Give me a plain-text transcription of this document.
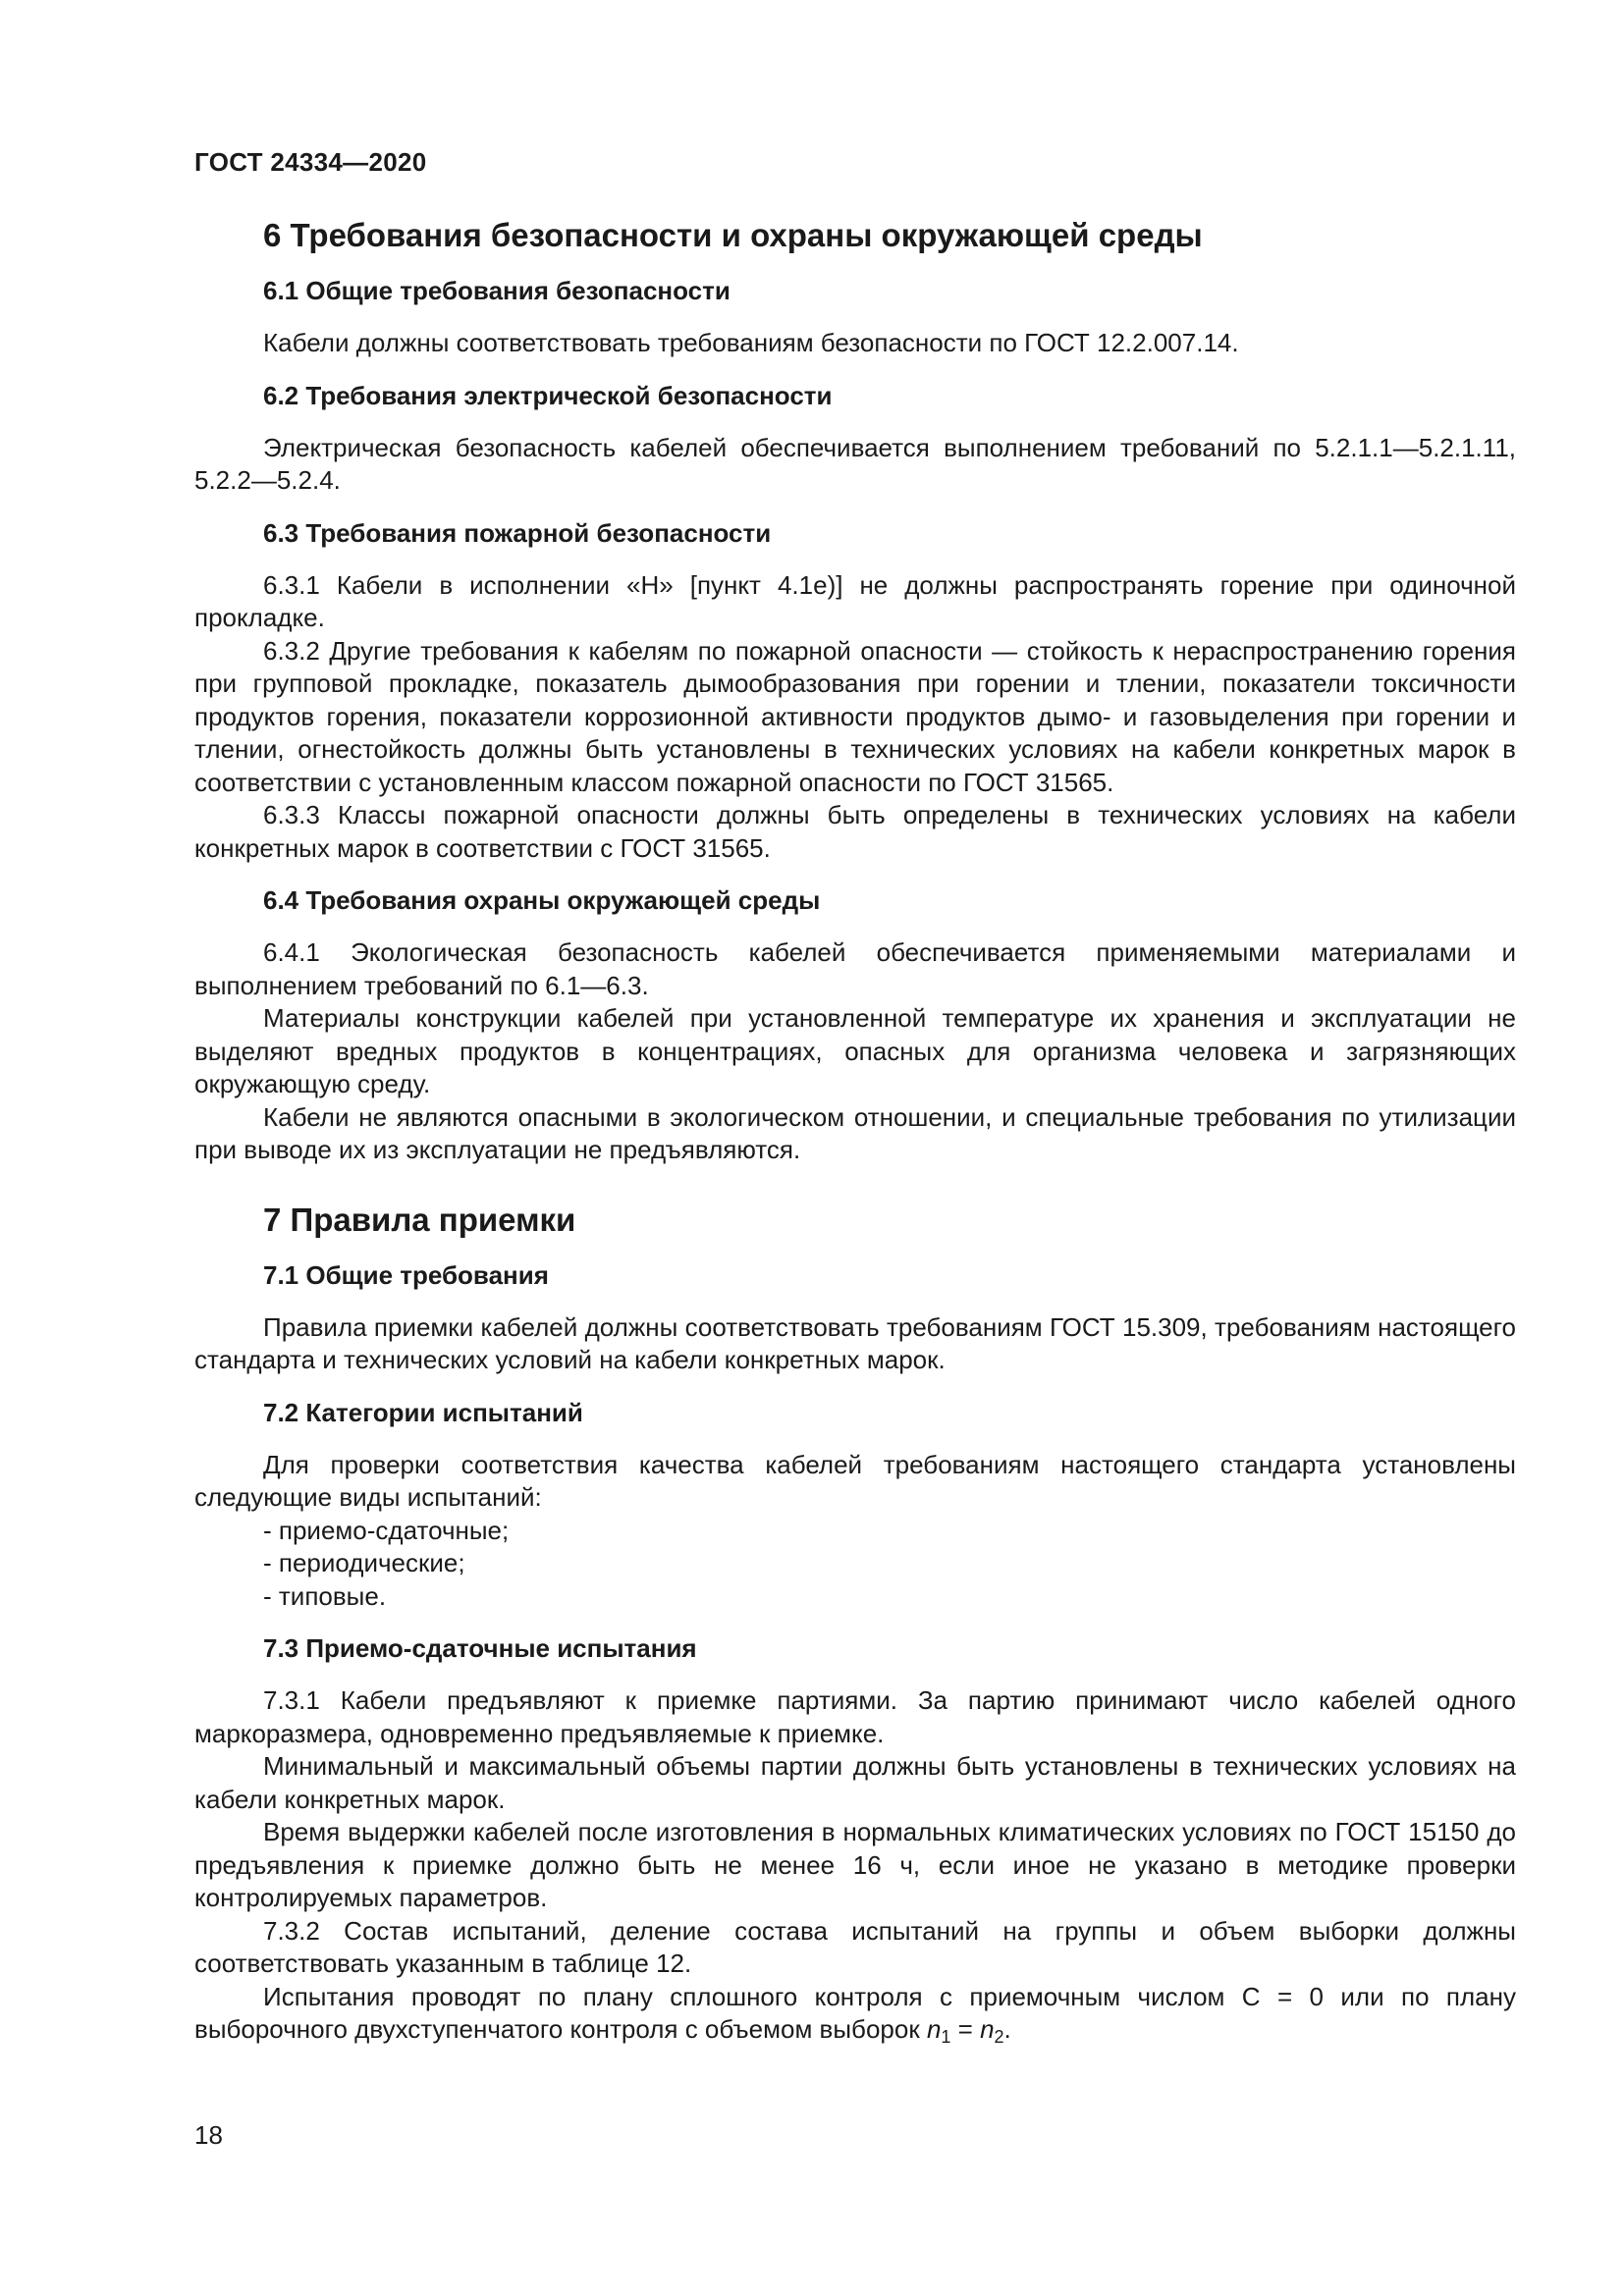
ГОСТ 24334—2020
6 Требования безопасности и охраны окружающей среды
6.1 Общие требования безопасности

Кабели должны соответствовать требованиям безопасности по ГОСТ 12.2.007.14.

6.2 Требования электрической безопасности

Электрическая безопасность кабелей обеспечивается выполнением требований по 5.2.1.1—5.2.1.11, 5.2.2—5.2.4.

6.3 Требования пожарной безопасности

6.3.1 Кабели в исполнении «Н» [пункт 4.1е)] не должны распространять горение при одиночной прокладке.

6.3.2 Другие требования к кабелям по пожарной опасности — стойкость к нераспространению горения при групповой прокладке, показатель дымообразования при горении и тлении, показатели токсичности продуктов горения, показатели коррозионной активности продуктов дымо- и газовыделения при горении и тлении, огнестойкость должны быть установлены в технических условиях на кабели конкретных марок в соответствии с установленным классом пожарной опасности по ГОСТ 31565.

6.3.3 Классы пожарной опасности должны быть определены в технических условиях на кабели конкретных марок в соответствии с ГОСТ 31565.

6.4 Требования охраны окружающей среды

6.4.1 Экологическая безопасность кабелей обеспечивается применяемыми материалами и выполнением требований по 6.1—6.3.

Материалы конструкции кабелей при установленной температуре их хранения и эксплуатации не выделяют вредных продуктов в концентрациях, опасных для организма человека и загрязняющих окружающую среду.

Кабели не являются опасными в экологическом отношении, и специальные требования по утилизации при выводе их из эксплуатации не предъявляются.

7 Правила приемки
7.1 Общие требования

Правила приемки кабелей должны соответствовать требованиям ГОСТ 15.309, требованиям настоящего стандарта и технических условий на кабели конкретных марок.

7.2 Категории испытаний

Для проверки соответствия качества кабелей требованиям настоящего стандарта установлены следующие виды испытаний:

- приемо-сдаточные;
- периодические;
- типовые.
7.3 Приемо-сдаточные испытания

7.3.1 Кабели предъявляют к приемке партиями. За партию принимают число кабелей одного маркоразмера, одновременно предъявляемые к приемке.

Минимальный и максимальный объемы партии должны быть установлены в технических условиях на кабели конкретных марок.

Время выдержки кабелей после изготовления в нормальных климатических условиях по ГОСТ 15150 до предъявления к приемке должно быть не менее 16 ч, если иное не указано в методике проверки контролируемых параметров.

7.3.2 Состав испытаний, деление состава испытаний на группы и объем выборки должны соответствовать указанным в таблице 12.

Испытания проводят по плану сплошного контроля с приемочным числом С = 0 или по плану выборочного двухступенчатого контроля с объемом выборок $n_1 = n_2$.

18
